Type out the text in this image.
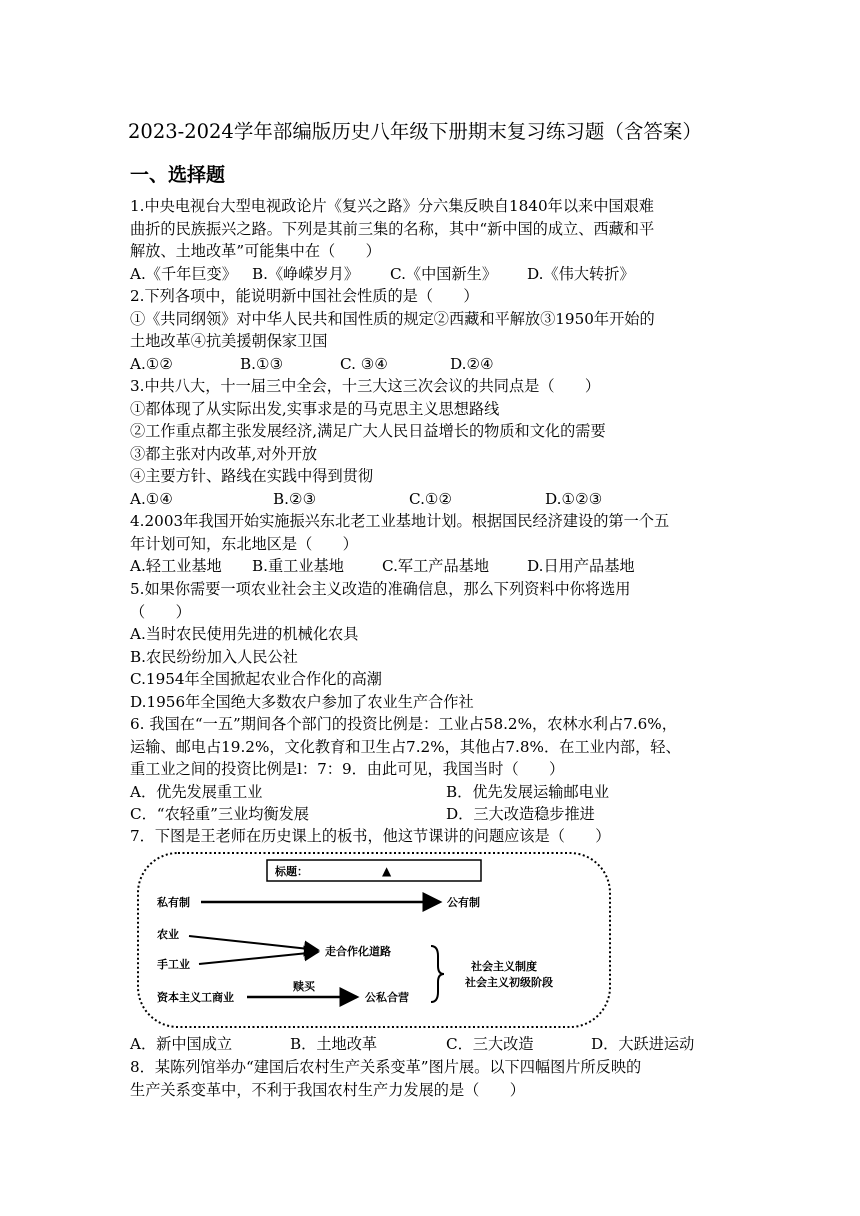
2023-2024学年部编版历史八年级下册期末复习练习题（含答案）
一、选择题
1.中央电视台大型电视政论片《复兴之路》分六集反映自1840年以来中国艰难
曲折的民族振兴之路。下列是其前三集的名称，其中“新中国的成立、西藏和平
解放、土地改革”可能集中在（　　）
A.《千年巨变》 B.《峥嵘岁月》	C.《中国新生》	D.《伟大转折》
2.下列各项中，能说明新中国社会性质的是（　　）
①《共同纲领》对中华人民共和国性质的规定②西藏和平解放③1950年开始的
土地改革④抗美援朝保家卫国
A.①②	B.①③	C. ③④	D.②④
3.中共八大，十一届三中全会，十三大这三次会议的共同点是（　　）
①都体现了从实际出发,实事求是的马克思主义思想路线
②工作重点都主张发展经济,满足广大人民日益增长的物质和文化的需要
③都主张对内改革,对外开放
④主要方针、路线在实践中得到贯彻
A.①④	B.②③	C.①②	D.①②③
4.2003年我国开始实施振兴东北老工业基地计划。根据国民经济建设的第一个五
年计划可知，东北地区是（　　）
A.轻工业基地	B.重工业基地	C.军工产品基地	D.日用产品基地
5.如果你需要一项农业社会主义改造的准确信息，那么下列资料中你将选用
（　　）
A.当时农民使用先进的机械化农具
B.农民纷纷加入人民公社
C.1954年全国掀起农业合作化的高潮
D.1956年全国绝大多数农户参加了农业生产合作社
6. 我国在“一五”期间各个部门的投资比例是：工业占58.2%，农林水利占7.6%，
运输、邮电占19.2%，文化教育和卫生占7.2%，其他占7.8%．在工业内部，轻、
重工业之间的投资比例是l：7：9．由此可见，我国当时（　　）
A．优先发展重工业	B．优先发展运输邮电业
C．“农轻重”三业均衡发展	D．三大改造稳步推进
7．下图是王老师在历史课上的板书，他这节课讲的问题应该是（　　）
标题：	▲
私有制	公有制
农业
手工业
走合作化道路
资本主义工商业
赎买
公私合营
社会主义制度
社会主义初级阶段
A．新中国成立	B．土地改革	C．三大改造	D．大跃进运动
8．某陈列馆举办“建国后农村生产关系变革”图片展。以下四幅图片所反映的
生产关系变革中，不利于我国农村生产力发展的是（　　）
